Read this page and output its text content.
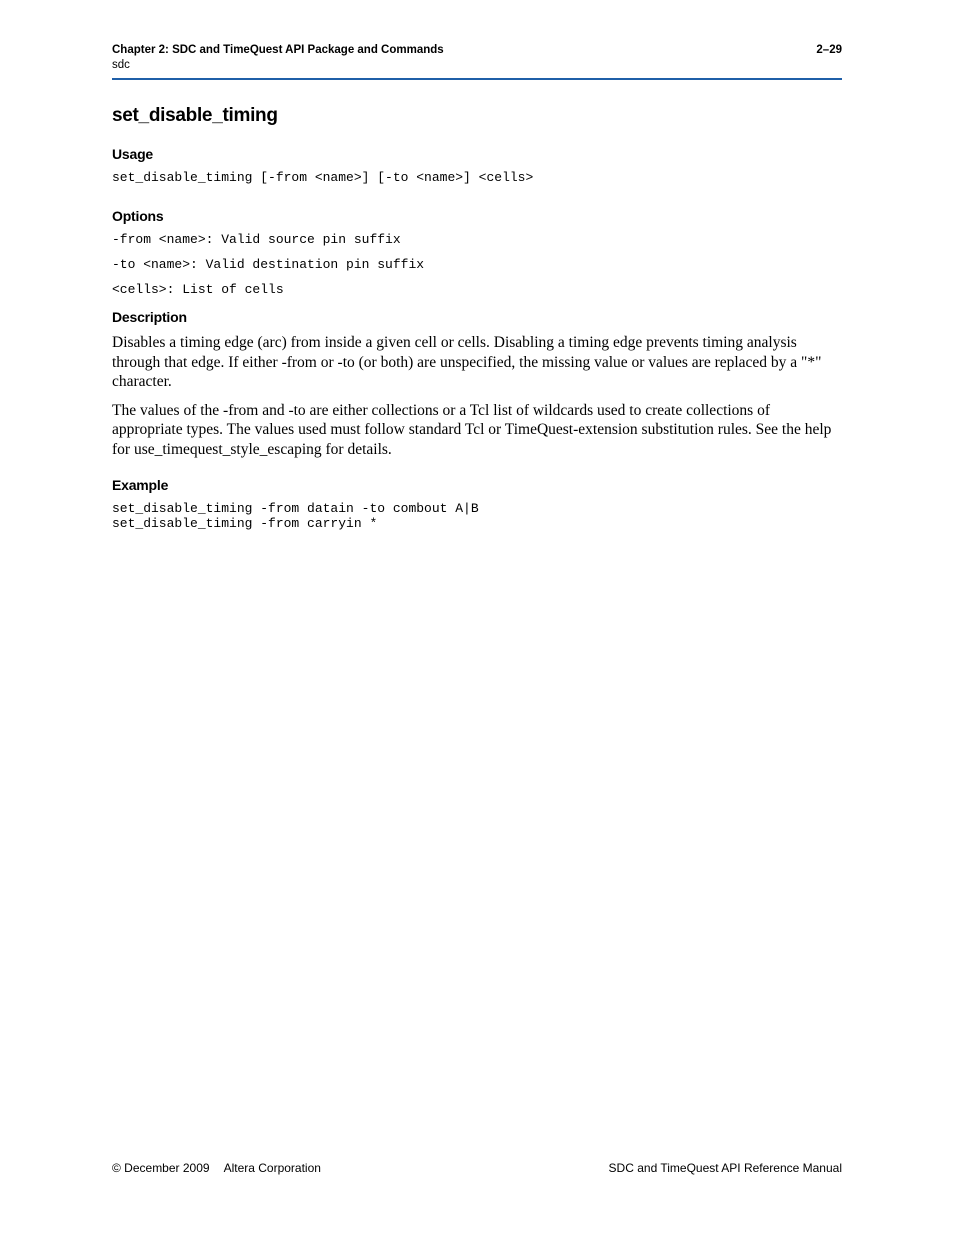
Chapter 2: SDC and TimeQuest API Package and Commands	2–29
sdc
set_disable_timing
Usage

set_disable_timing [-from <name>] [-to <name>] <cells>

Options

-from <name>: Valid source pin suffix

-to <name>: Valid destination pin suffix

<cells>: List of cells

Description

Disables a timing edge (arc) from inside a given cell or cells. Disabling a timing edge prevents timing analysis through that edge. If either -from or -to (or both) are unspecified, the missing value or values are replaced by a "*" character.

The values of the -from and -to are either collections or a Tcl list of wildcards used to create collections of appropriate types. The values used must follow standard Tcl or TimeQuest-extension substitution rules. See the help for use_timequest_style_escaping for details.

Example

set_disable_timing -from datain -to combout A|B

set_disable_timing -from carryin *

© December 2009 Altera Corporation	SDC and TimeQuest API Reference Manual
